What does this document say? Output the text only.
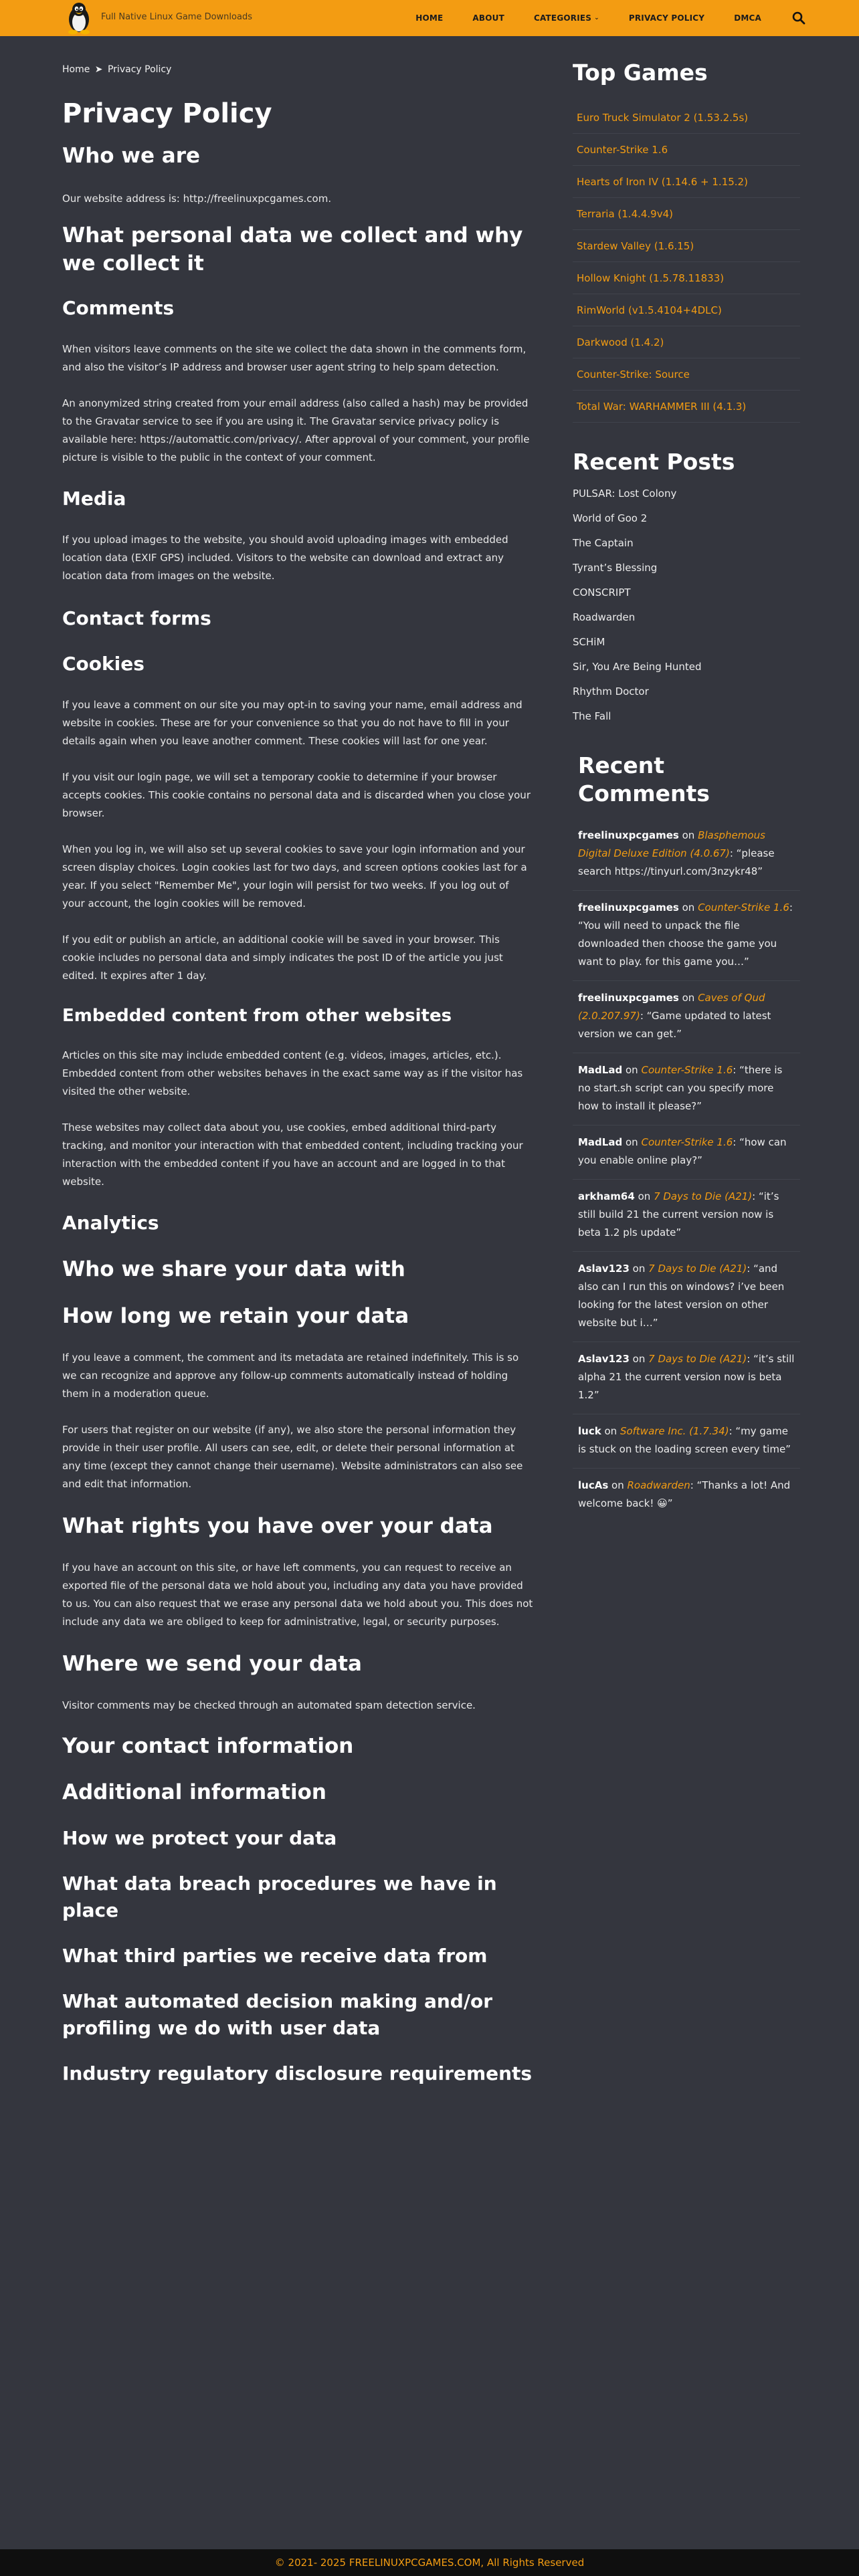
Full Native Linux Game Downloads	HOME	ABOUT	CATEGORIES ⌄	PRIVACY POLICY	DMCA
Home ➤ Privacy Policy
Privacy Policy
Who we are

Our website address is: http://freelinuxpcgames.com.

What personal data we collect and why we collect it
Comments

When visitors leave comments on the site we collect the data shown in the comments form, and also the visitor’s IP address and browser user agent string to help spam detection.

An anonymized string created from your email address (also called a hash) may be provided to the Gravatar service to see if you are using it. The Gravatar service privacy policy is available here: https://automattic.com/privacy/. After approval of your comment, your profile picture is visible to the public in the context of your comment.

Media

If you upload images to the website, you should avoid uploading images with embedded location data (EXIF GPS) included. Visitors to the website can download and extract any location data from images on the website.

Contact forms
Cookies

If you leave a comment on our site you may opt-in to saving your name, email address and website in cookies. These are for your convenience so that you do not have to fill in your details again when you leave another comment. These cookies will last for one year.

If you visit our login page, we will set a temporary cookie to determine if your browser accepts cookies. This cookie contains no personal data and is discarded when you close your browser.

When you log in, we will also set up several cookies to save your login information and your screen display choices. Login cookies last for two days, and screen options cookies last for a year. If you select "Remember Me", your login will persist for two weeks. If you log out of your account, the login cookies will be removed.

If you edit or publish an article, an additional cookie will be saved in your browser. This cookie includes no personal data and simply indicates the post ID of the article you just edited. It expires after 1 day.

Embedded content from other websites

Articles on this site may include embedded content (e.g. videos, images, articles, etc.). Embedded content from other websites behaves in the exact same way as if the visitor has visited the other website.

These websites may collect data about you, use cookies, embed additional third-party tracking, and monitor your interaction with that embedded content, including tracking your interaction with the embedded content if you have an account and are logged in to that website.

Analytics
Who we share your data with
How long we retain your data

If you leave a comment, the comment and its metadata are retained indefinitely. This is so we can recognize and approve any follow-up comments automatically instead of holding them in a moderation queue.

For users that register on our website (if any), we also store the personal information they provide in their user profile. All users can see, edit, or delete their personal information at any time (except they cannot change their username). Website administrators can also see and edit that information.

What rights you have over your data

If you have an account on this site, or have left comments, you can request to receive an exported file of the personal data we hold about you, including any data you have provided to us. You can also request that we erase any personal data we hold about you. This does not include any data we are obliged to keep for administrative, legal, or security purposes.

Where we send your data

Visitor comments may be checked through an automated spam detection service.

Your contact information
Additional information
How we protect your data
What data breach procedures we have in place
What third parties we receive data from
What automated decision making and/or profiling we do with user data
Industry regulatory disclosure requirements
Top Games
Euro Truck Simulator 2 (1.53.2.5s)
Counter-Strike 1.6
Hearts of Iron IV (1.14.6 + 1.15.2)
Terraria (1.4.4.9v4)
Stardew Valley (1.6.15)
Hollow Knight (1.5.78.11833)
RimWorld (v1.5.4104+4DLC)
Darkwood (1.4.2)
Counter-Strike: Source
Total War: WARHAMMER III (4.1.3)
Recent Posts
PULSAR: Lost Colony
World of Goo 2
The Captain
Tyrant’s Blessing
CONSCRIPT
Roadwarden
SCHiM
Sir, You Are Being Hunted
Rhythm Doctor
The Fall
Recent Comments
freelinuxpcgames on Blasphemous Digital Deluxe Edition (4.0.67): “please search https://tinyurl.com/3nzykr48”
freelinuxpcgames on Counter-Strike 1.6: “You will need to unpack the file downloaded then choose the game you want to play. for this game you…”
freelinuxpcgames on Caves of Qud (2.0.207.97): “Game updated to latest version we can get.”
MadLad on Counter-Strike 1.6: “there is no start.sh script can you specify more how to install it please?”
MadLad on Counter-Strike 1.6: “how can you enable online play?”
arkham64 on 7 Days to Die (A21): “it’s still build 21 the current version now is beta 1.2 pls update”
Aslav123 on 7 Days to Die (A21): “and also can I run this on windows? i’ve been looking for the latest version on other website but i…”
Aslav123 on 7 Days to Die (A21): “it’s still alpha 21 the current version now is beta 1.2”
luck on Software Inc. (1.7.34): “my game is stuck on the loading screen every time”
lucAs on Roadwarden: “Thanks a lot! And welcome back! 😀”
© 2021- 2025 FREELINUXPCGAMES.COM, All Rights Reserved
